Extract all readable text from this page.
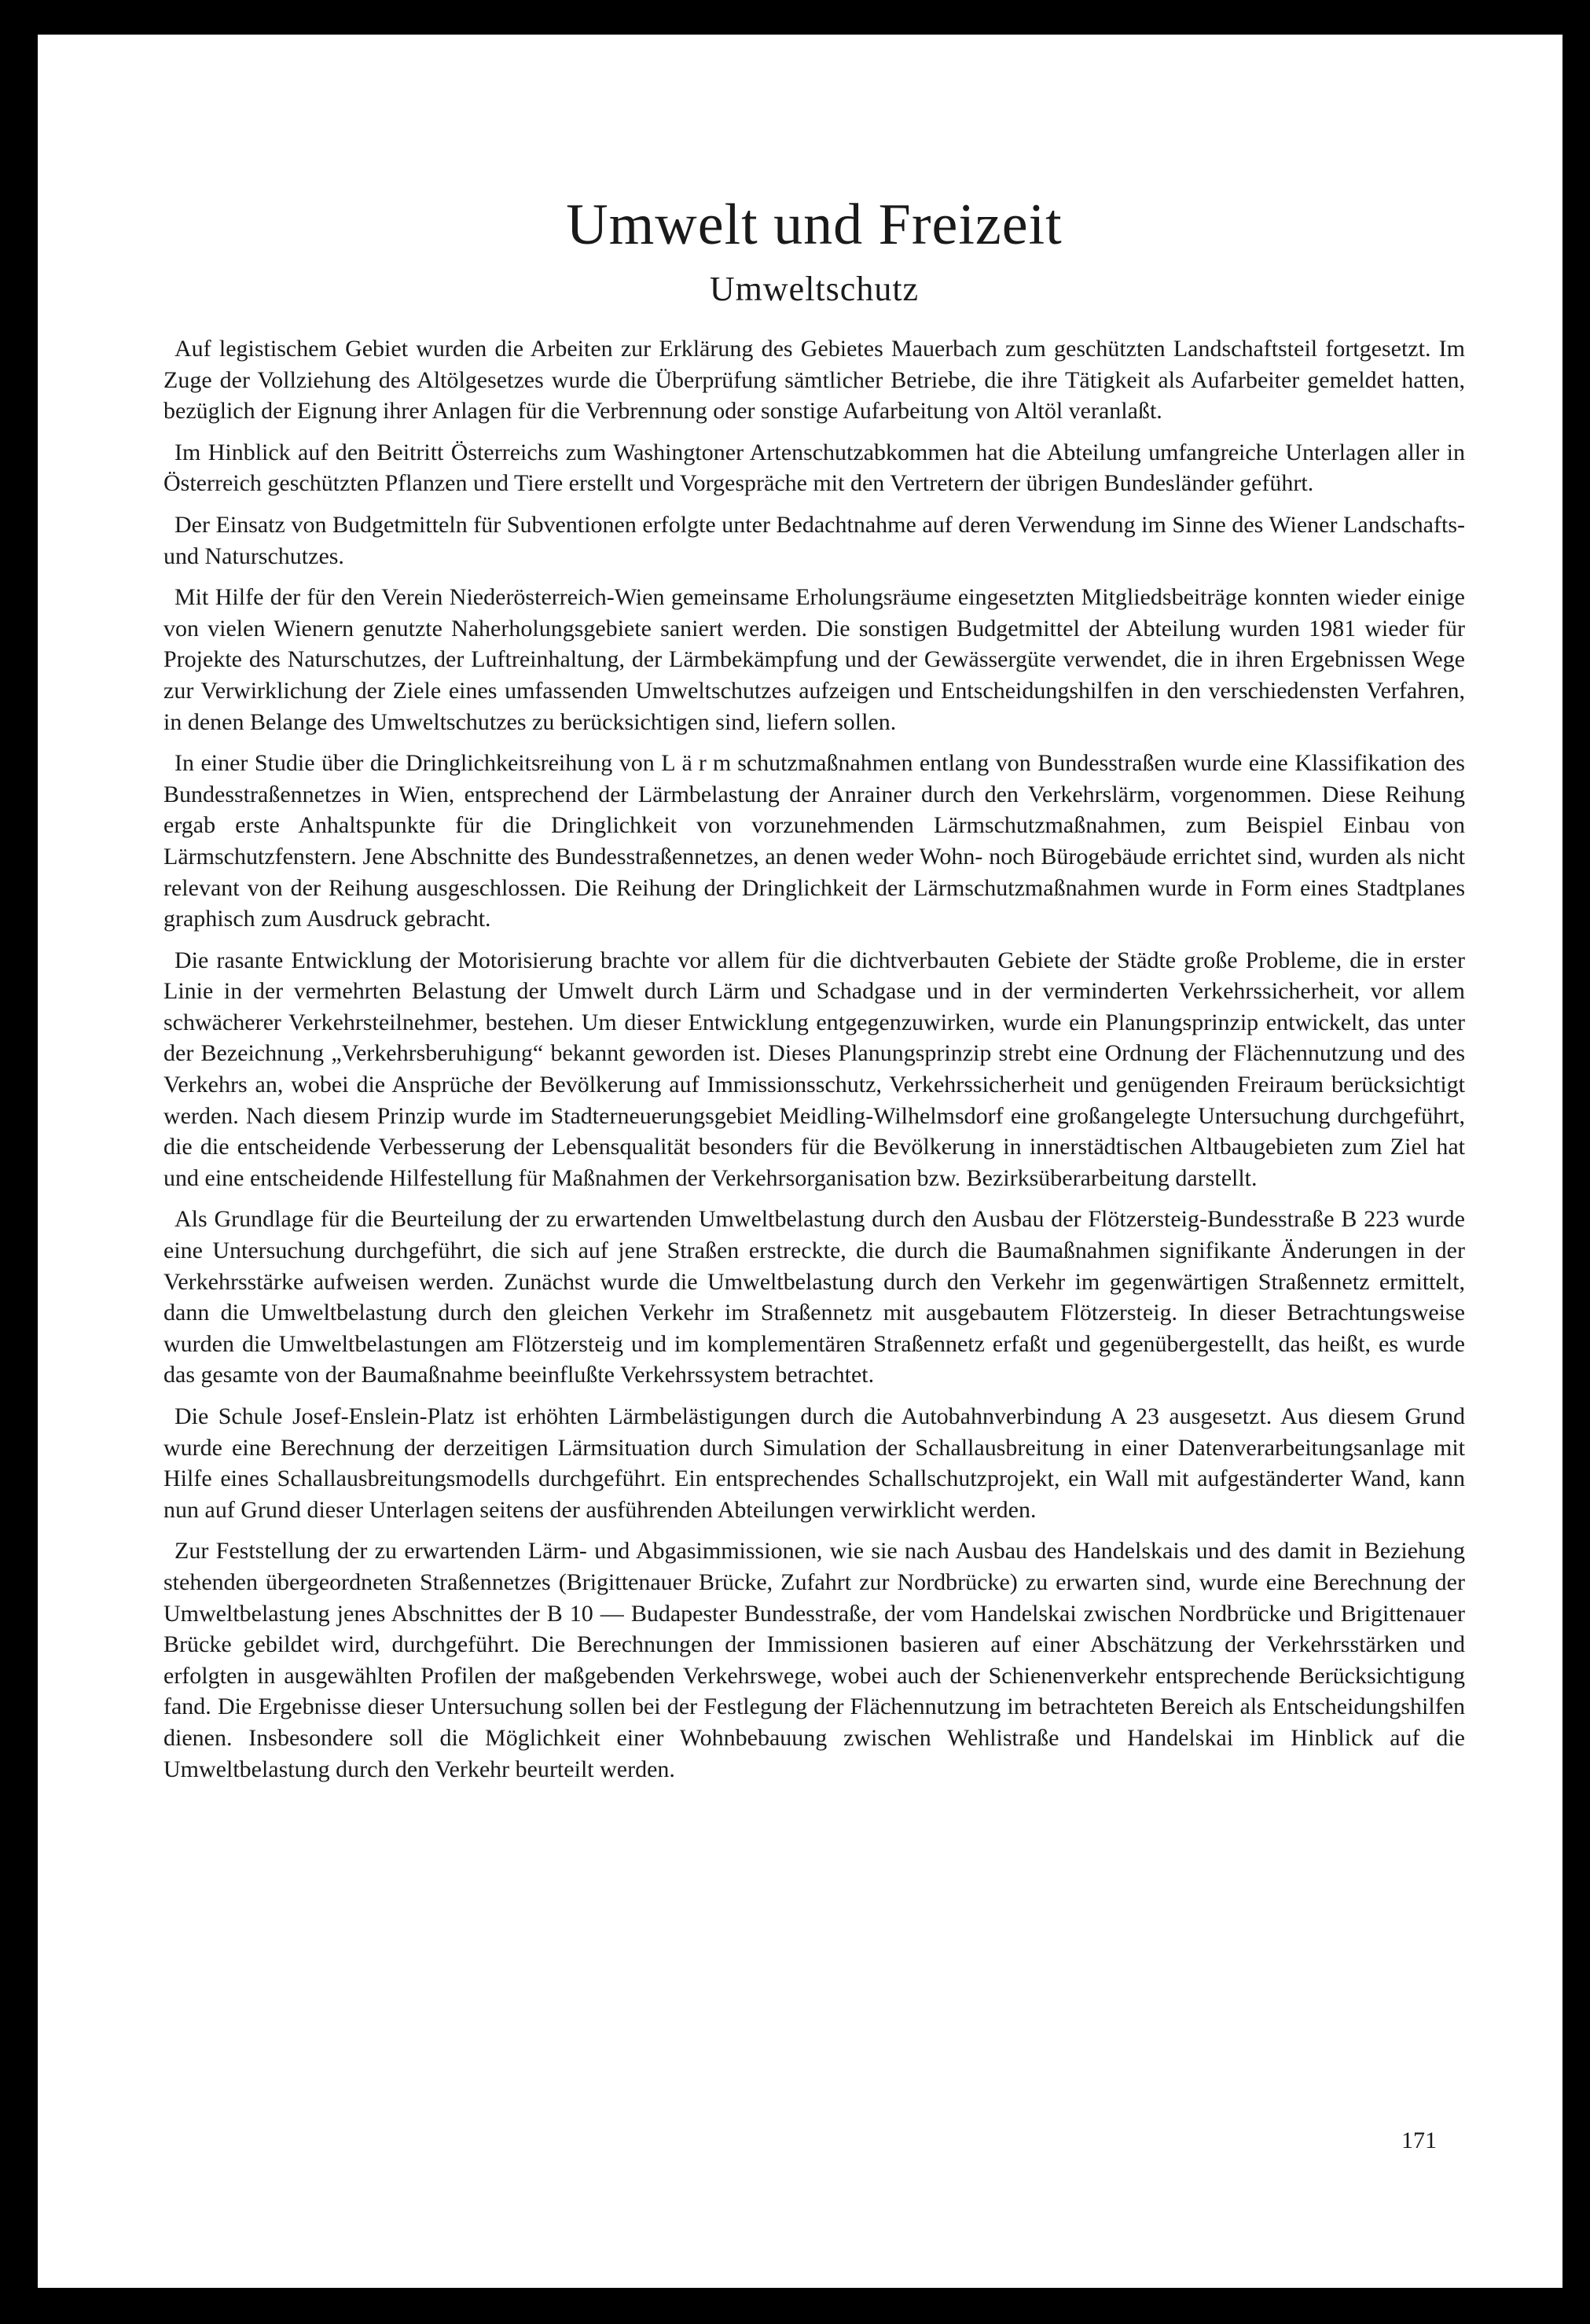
Umwelt und Freizeit
Umweltschutz

Auf legistischem Gebiet wurden die Arbeiten zur Erklärung des Gebietes Mauerbach zum geschützten Landschaftsteil fortgesetzt. Im Zuge der Vollziehung des Altölgesetzes wurde die Überprüfung sämtlicher Betriebe, die ihre Tätigkeit als Aufarbeiter gemeldet hatten, bezüglich der Eignung ihrer Anlagen für die Verbrennung oder sonstige Aufarbeitung von Altöl veranlaßt.

Im Hinblick auf den Beitritt Österreichs zum Washingtoner Artenschutzabkommen hat die Abteilung umfangreiche Unterlagen aller in Österreich geschützten Pflanzen und Tiere erstellt und Vorgespräche mit den Vertretern der übrigen Bundesländer geführt.

Der Einsatz von Budgetmitteln für Subventionen erfolgte unter Bedachtnahme auf deren Verwendung im Sinne des Wiener Landschafts- und Naturschutzes.

Mit Hilfe der für den Verein Niederösterreich-Wien gemeinsame Erholungsräume eingesetzten Mitgliedsbeiträge konnten wieder einige von vielen Wienern genutzte Naherholungsgebiete saniert werden. Die sonstigen Budgetmittel der Abteilung wurden 1981 wieder für Projekte des Naturschutzes, der Luftreinhaltung, der Lärmbekämpfung und der Gewässergüte verwendet, die in ihren Ergebnissen Wege zur Verwirklichung der Ziele eines umfassenden Umweltschutzes aufzeigen und Entscheidungshilfen in den verschiedensten Verfahren, in denen Belange des Umweltschutzes zu berücksichtigen sind, liefern sollen.

In einer Studie über die Dringlichkeitsreihung von Lärmschutzmaßnahmen entlang von Bundesstraßen wurde eine Klassifikation des Bundesstraßennetzes in Wien, entsprechend der Lärmbelastung der Anrainer durch den Verkehrslärm, vorgenommen. Diese Reihung ergab erste Anhaltspunkte für die Dringlichkeit von vorzunehmenden Lärmschutzmaßnahmen, zum Beispiel Einbau von Lärmschutzfenstern. Jene Abschnitte des Bundesstraßennetzes, an denen weder Wohn- noch Bürogebäude errichtet sind, wurden als nicht relevant von der Reihung ausgeschlossen. Die Reihung der Dringlichkeit der Lärmschutzmaßnahmen wurde in Form eines Stadtplanes graphisch zum Ausdruck gebracht.

Die rasante Entwicklung der Motorisierung brachte vor allem für die dichtverbauten Gebiete der Städte große Probleme, die in erster Linie in der vermehrten Belastung der Umwelt durch Lärm und Schadgase und in der verminderten Verkehrssicherheit, vor allem schwächerer Verkehrsteilnehmer, bestehen. Um dieser Entwicklung entgegenzuwirken, wurde ein Planungsprinzip entwickelt, das unter der Bezeichnung „Verkehrsberuhigung“ bekannt geworden ist. Dieses Planungsprinzip strebt eine Ordnung der Flächennutzung und des Verkehrs an, wobei die Ansprüche der Bevölkerung auf Immissionsschutz, Verkehrssicherheit und genügenden Freiraum berücksichtigt werden. Nach diesem Prinzip wurde im Stadterneuerungsgebiet Meidling-Wilhelmsdorf eine großangelegte Untersuchung durchgeführt, die die entscheidende Verbesserung der Lebensqualität besonders für die Bevölkerung in innerstädtischen Altbaugebieten zum Ziel hat und eine entscheidende Hilfestellung für Maßnahmen der Verkehrsorganisation bzw. Bezirksüberarbeitung darstellt.

Als Grundlage für die Beurteilung der zu erwartenden Umweltbelastung durch den Ausbau der Flötzersteig-Bundesstraße B 223 wurde eine Untersuchung durchgeführt, die sich auf jene Straßen erstreckte, die durch die Baumaßnahmen signifikante Änderungen in der Verkehrsstärke aufweisen werden. Zunächst wurde die Umweltbelastung durch den Verkehr im gegenwärtigen Straßennetz ermittelt, dann die Umweltbelastung durch den gleichen Verkehr im Straßennetz mit ausgebautem Flötzersteig. In dieser Betrachtungsweise wurden die Umweltbelastungen am Flötzersteig und im komplementären Straßennetz erfaßt und gegenübergestellt, das heißt, es wurde das gesamte von der Baumaßnahme beeinflußte Verkehrssystem betrachtet.

Die Schule Josef-Enslein-Platz ist erhöhten Lärmbelästigungen durch die Autobahnverbindung A 23 ausgesetzt. Aus diesem Grund wurde eine Berechnung der derzeitigen Lärmsituation durch Simulation der Schallausbreitung in einer Datenverarbeitungsanlage mit Hilfe eines Schallausbreitungsmodells durchgeführt. Ein entsprechendes Schallschutzprojekt, ein Wall mit aufgeständerter Wand, kann nun auf Grund dieser Unterlagen seitens der ausführenden Abteilungen verwirklicht werden.

Zur Feststellung der zu erwartenden Lärm- und Abgasimmissionen, wie sie nach Ausbau des Handelskais und des damit in Beziehung stehenden übergeordneten Straßennetzes (Brigittenauer Brücke, Zufahrt zur Nordbrücke) zu erwarten sind, wurde eine Berechnung der Umweltbelastung jenes Abschnittes der B 10 — Budapester Bundesstraße, der vom Handelskai zwischen Nordbrücke und Brigittenauer Brücke gebildet wird, durchgeführt. Die Berechnungen der Immissionen basieren auf einer Abschätzung der Verkehrsstärken und erfolgten in ausgewählten Profilen der maßgebenden Verkehrswege, wobei auch der Schienenverkehr entsprechende Berücksichtigung fand. Die Ergebnisse dieser Untersuchung sollen bei der Festlegung der Flächennutzung im betrachteten Bereich als Entscheidungshilfen dienen. Insbesondere soll die Möglichkeit einer Wohnbebauung zwischen Wehlistraße und Handelskai im Hinblick auf die Umweltbelastung durch den Verkehr beurteilt werden.

171
